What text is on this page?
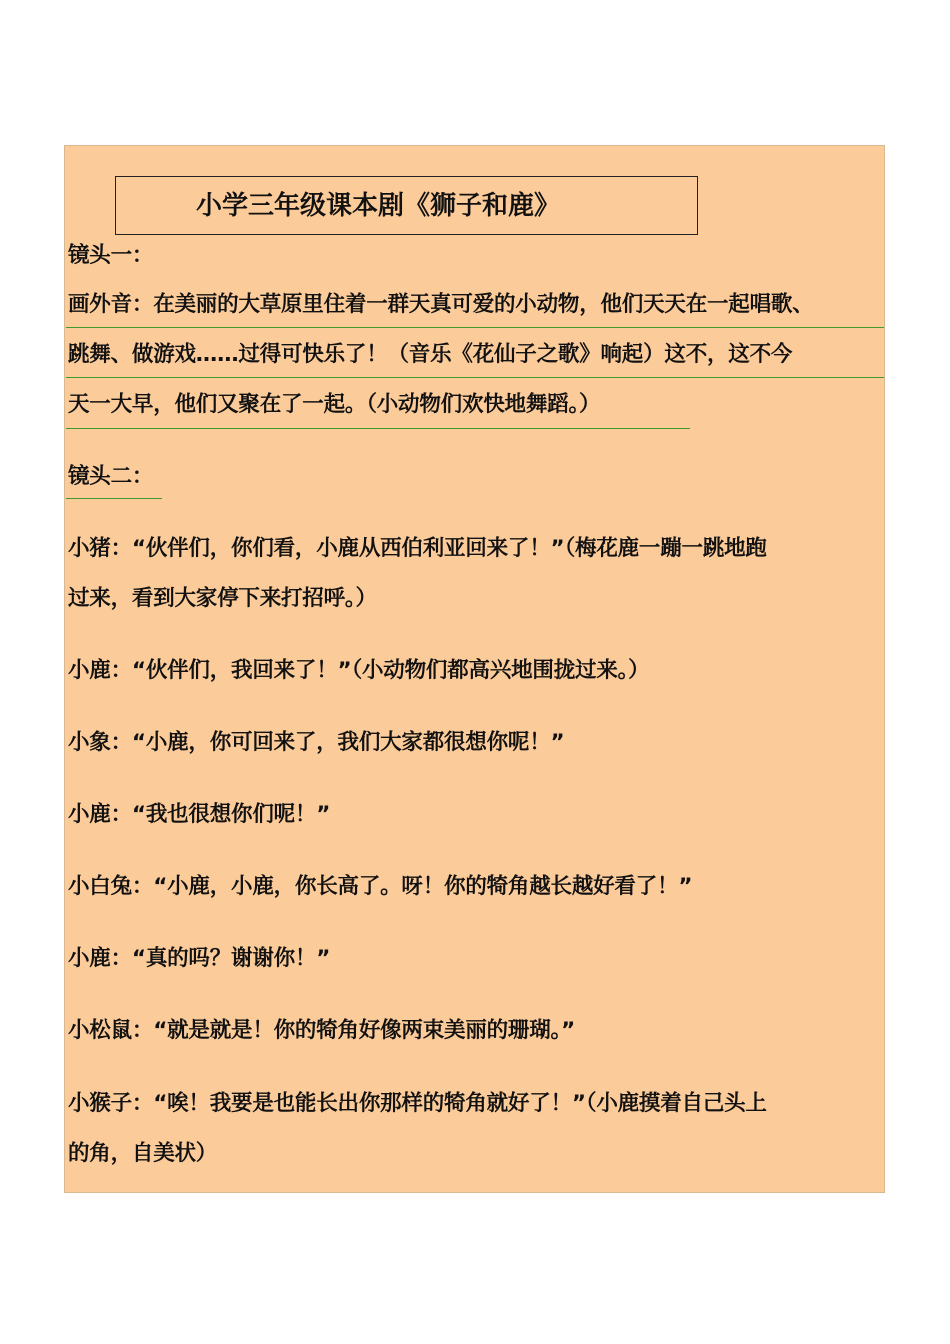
小学三年级课本剧《狮子和鹿》
镜头一：
画外音：在美丽的大草原里住着一群天真可爱的小动物，他们天天在一起唱歌、
跳舞、做游戏……过得可快乐了！（音乐《花仙子之歌》响起）这不，这不今
天一大早，他们又聚在了一起。（小动物们欢快地舞蹈。）
镜头二：
小猪：“伙伴们，你们看，小鹿从西伯利亚回来了！”（梅花鹿一蹦一跳地跑
过来，看到大家停下来打招呼。）
小鹿：“伙伴们，我回来了！”（小动物们都高兴地围拢过来。）
小象：“小鹿，你可回来了，我们大家都很想你呢！”
小鹿：“我也很想你们呢！”
小白兔：“小鹿，小鹿，你长高了。呀！你的犄角越长越好看了！”
小鹿：“真的吗？谢谢你！”
小松鼠：“就是就是！你的犄角好像两束美丽的珊瑚。”
小猴子：“唉！我要是也能长出你那样的犄角就好了！”（小鹿摸着自己头上
的角，自美状）
